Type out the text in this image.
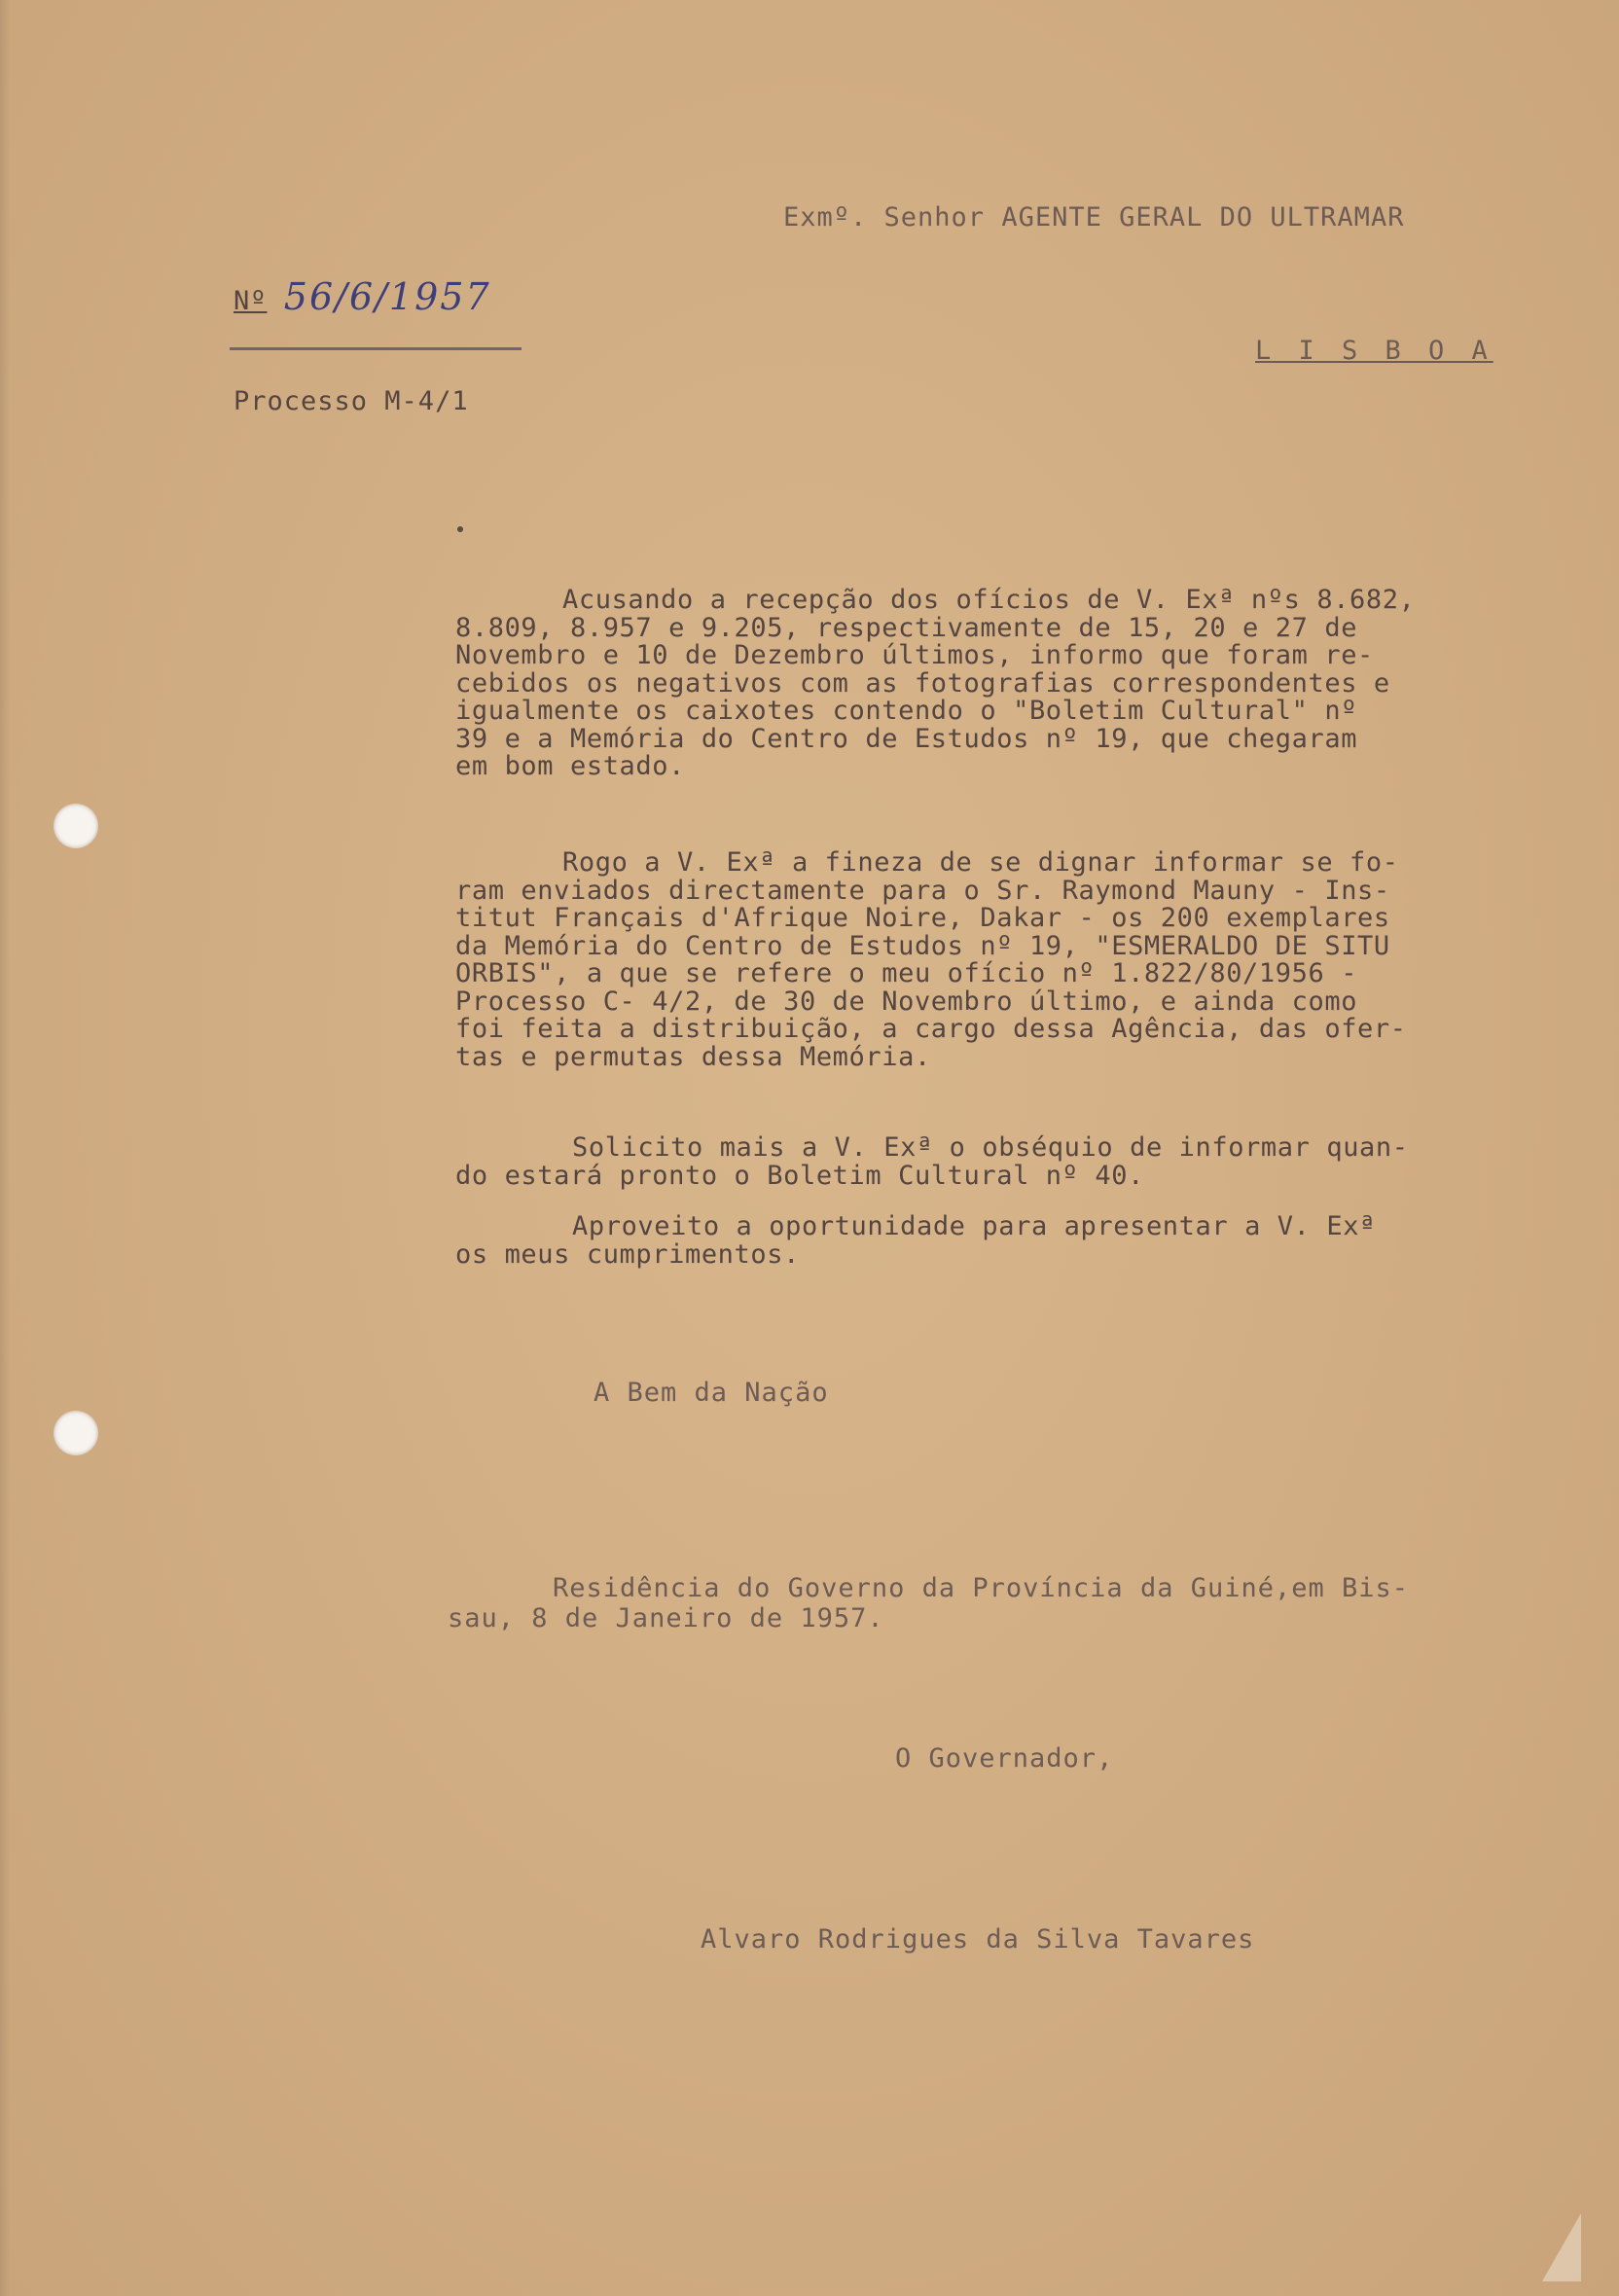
Exmº. Senhor AGENTE GERAL DO ULTRAMAR
Nº 56/6/1957
L I S B O A
Processo M-4/1
Acusando a recepção dos ofícios de V. Exª nºs 8.682,
8.809, 8.957 e 9.205, respectivamente de 15, 20 e 27 de
Novembro e 10 de Dezembro últimos, informo que foram re-
cebidos os negativos com as fotografias correspondentes e
igualmente os caixotes contendo o "Boletim Cultural" nº
39 e a Memória do Centro de Estudos nº 19, que chegaram
em bom estado.
Rogo a V. Exª a fineza de se dignar informar se fo-
ram enviados directamente para o Sr. Raymond Mauny - Ins-
titut Français d'Afrique Noire, Dakar - os 200 exemplares
da Memória do Centro de Estudos nº 19, "ESMERALDO DE SITU
ORBIS", a que se refere o meu ofício nº 1.822/80/1956 -
Processo C- 4/2, de 30 de Novembro último, e ainda como
foi feita a distribuição, a cargo dessa Agência, das ofer-
tas e permutas dessa Memória.
Solicito mais a V. Exª o obséquio de informar quan-
do estará pronto o Boletim Cultural nº 40.
Aproveito a oportunidade para apresentar a V. Exª
os meus cumprimentos.
A Bem da Nação
Residência do Governo da Província da Guiné,em Bis-
sau, 8 de Janeiro de 1957.
O Governador,
Alvaro Rodrigues da Silva Tavares
